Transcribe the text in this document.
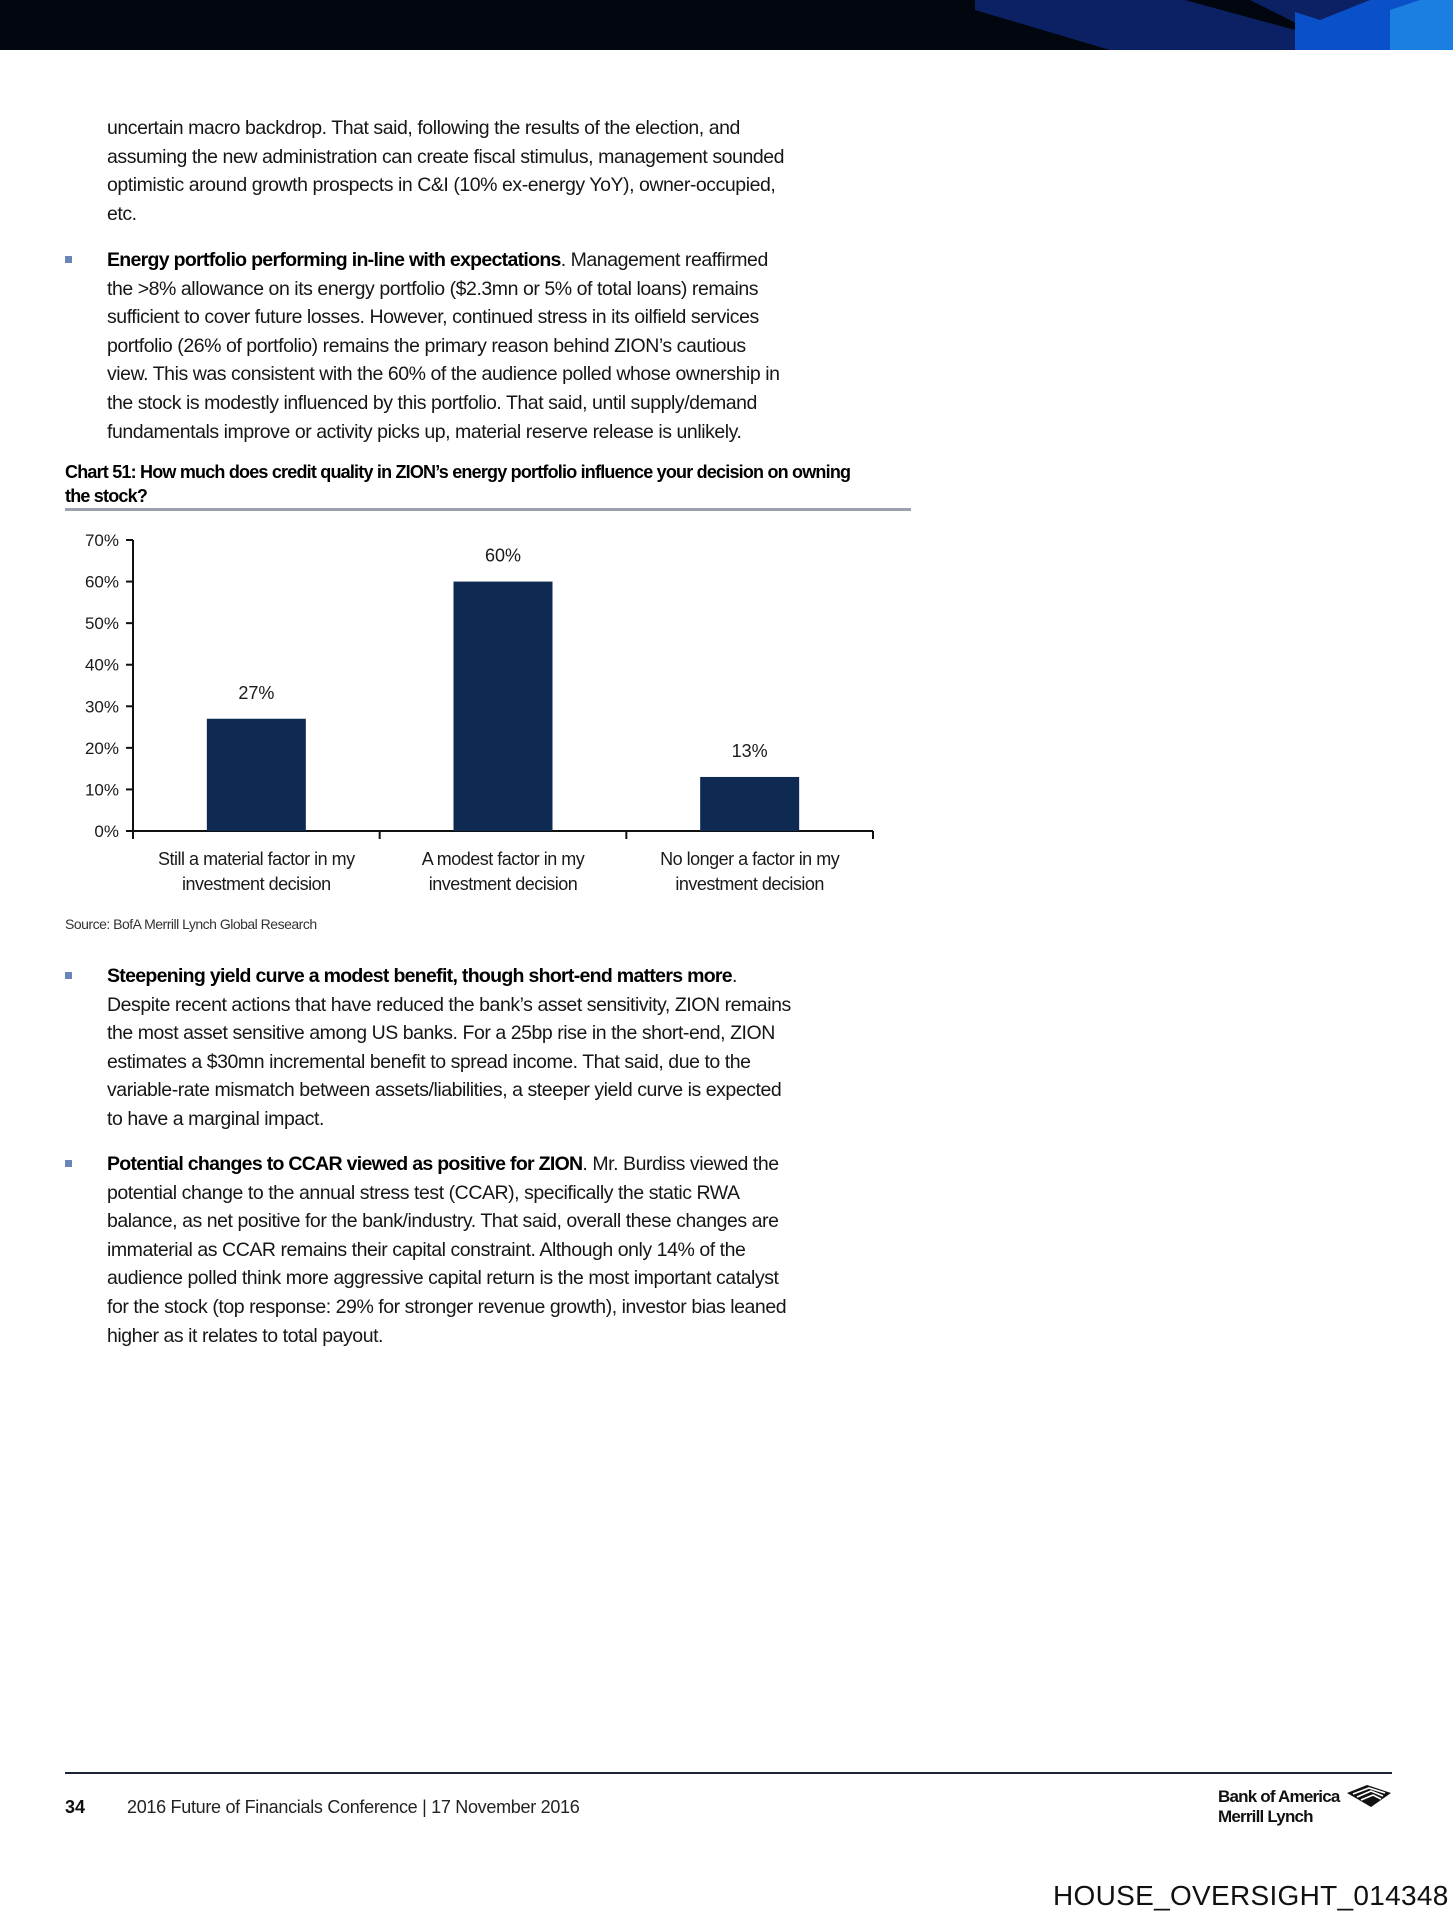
uncertain macro backdrop. That said, following the results of the election, and
assuming the new administration can create fiscal stimulus, management sounded
optimistic around growth prospects in C&I (10% ex-energy YoY), owner-occupied,
etc.
Energy portfolio performing in-line with expectations. Management reaffirmed
the >8% allowance on its energy portfolio ($2.3mn or 5% of total loans) remains
sufficient to cover future losses. However, continued stress in its oilfield services
portfolio (26% of portfolio) remains the primary reason behind ZION’s cautious
view. This was consistent with the 60% of the audience polled whose ownership in
the stock is modestly influenced by this portfolio. That said, until supply/demand
fundamentals improve or activity picks up, material reserve release is unlikely.
Chart 51: How much does credit quality in ZION’s energy portfolio influence your decision on owning
the stock?
0%
10%
20%
30%
40%
50%
60%
70%
27%
Still a material factor in my
investment decision
60%
A modest factor in my
investment decision
13%
No longer a factor in my
investment decision
Source: BofA Merrill Lynch Global Research
Steepening yield curve a modest benefit, though short-end matters more.
Despite recent actions that have reduced the bank’s asset sensitivity, ZION remains
the most asset sensitive among US banks. For a 25bp rise in the short-end, ZION
estimates a $30mn incremental benefit to spread income. That said, due to the
variable-rate mismatch between assets/liabilities, a steeper yield curve is expected
to have a marginal impact.
Potential changes to CCAR viewed as positive for ZION. Mr. Burdiss viewed the
potential change to the annual stress test (CCAR), specifically the static RWA
balance, as net positive for the bank/industry. That said, overall these changes are
immaterial as CCAR remains their capital constraint. Although only 14% of the
audience polled think more aggressive capital return is the most important catalyst
for the stock (top response: 29% for stronger revenue growth), investor bias leaned
higher as it relates to total payout.
34 2016 Future of Financials Conference | 17 November 2016
Bank of America
Merrill Lynch
HOUSE_OVERSIGHT_014348
